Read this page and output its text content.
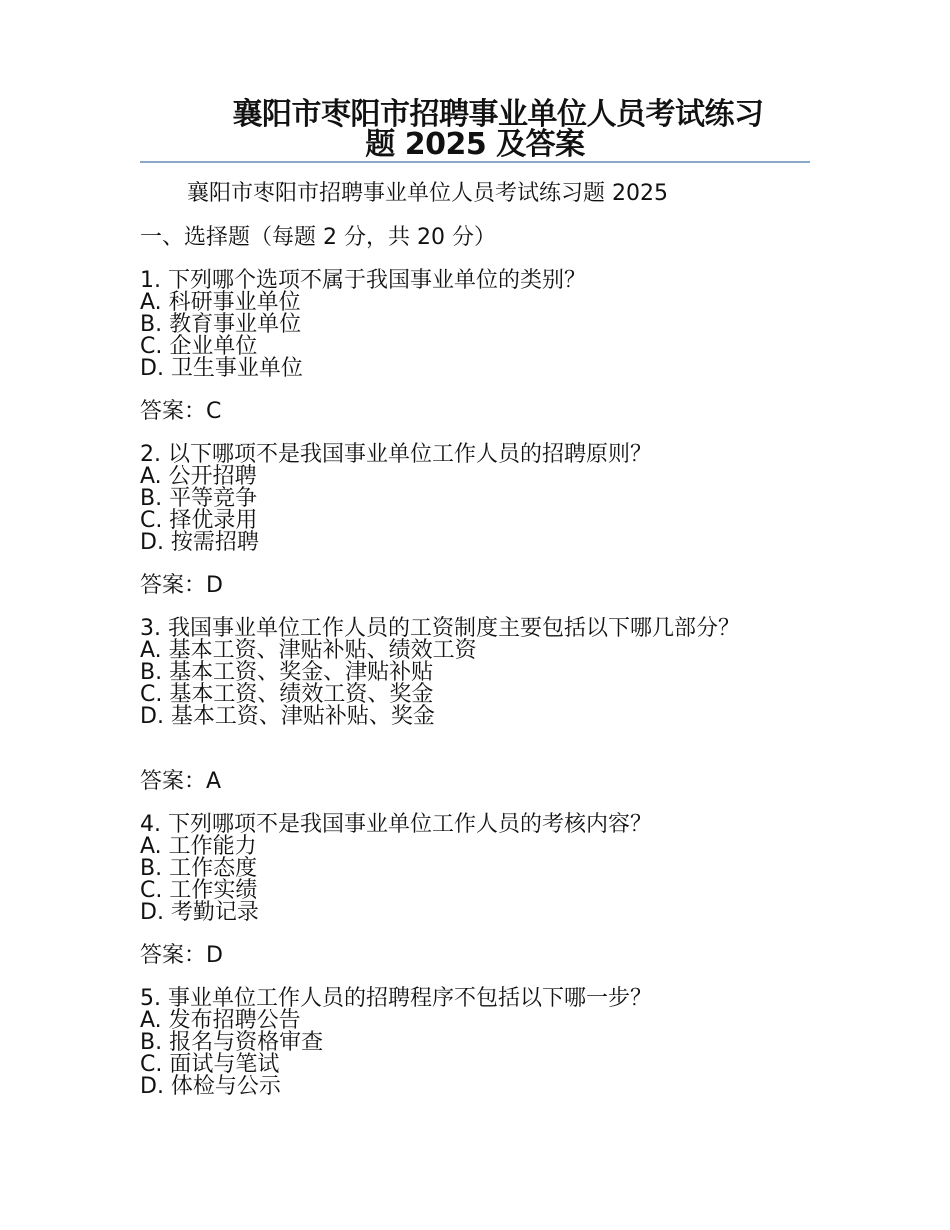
襄阳市枣阳市招聘事业单位人员考试练习
题 2025 及答案
襄阳市枣阳市招聘事业单位人员考试练习题 2025
一、选择题（每题 2 分，共 20 分）
1. 下列哪个选项不属于我国事业单位的类别？
A. 科研事业单位
B. 教育事业单位
C. 企业单位
D. 卫生事业单位
答案：C
2. 以下哪项不是我国事业单位工作人员的招聘原则？
A. 公开招聘
B. 平等竞争
C. 择优录用
D. 按需招聘
答案：D
3. 我国事业单位工作人员的工资制度主要包括以下哪几部分？
A. 基本工资、津贴补贴、绩效工资
B. 基本工资、奖金、津贴补贴
C. 基本工资、绩效工资、奖金
D. 基本工资、津贴补贴、奖金
答案：A
4. 下列哪项不是我国事业单位工作人员的考核内容？
A. 工作能力
B. 工作态度
C. 工作实绩
D. 考勤记录
答案：D
5. 事业单位工作人员的招聘程序不包括以下哪一步？
A. 发布招聘公告
B. 报名与资格审查
C. 面试与笔试
D. 体检与公示
